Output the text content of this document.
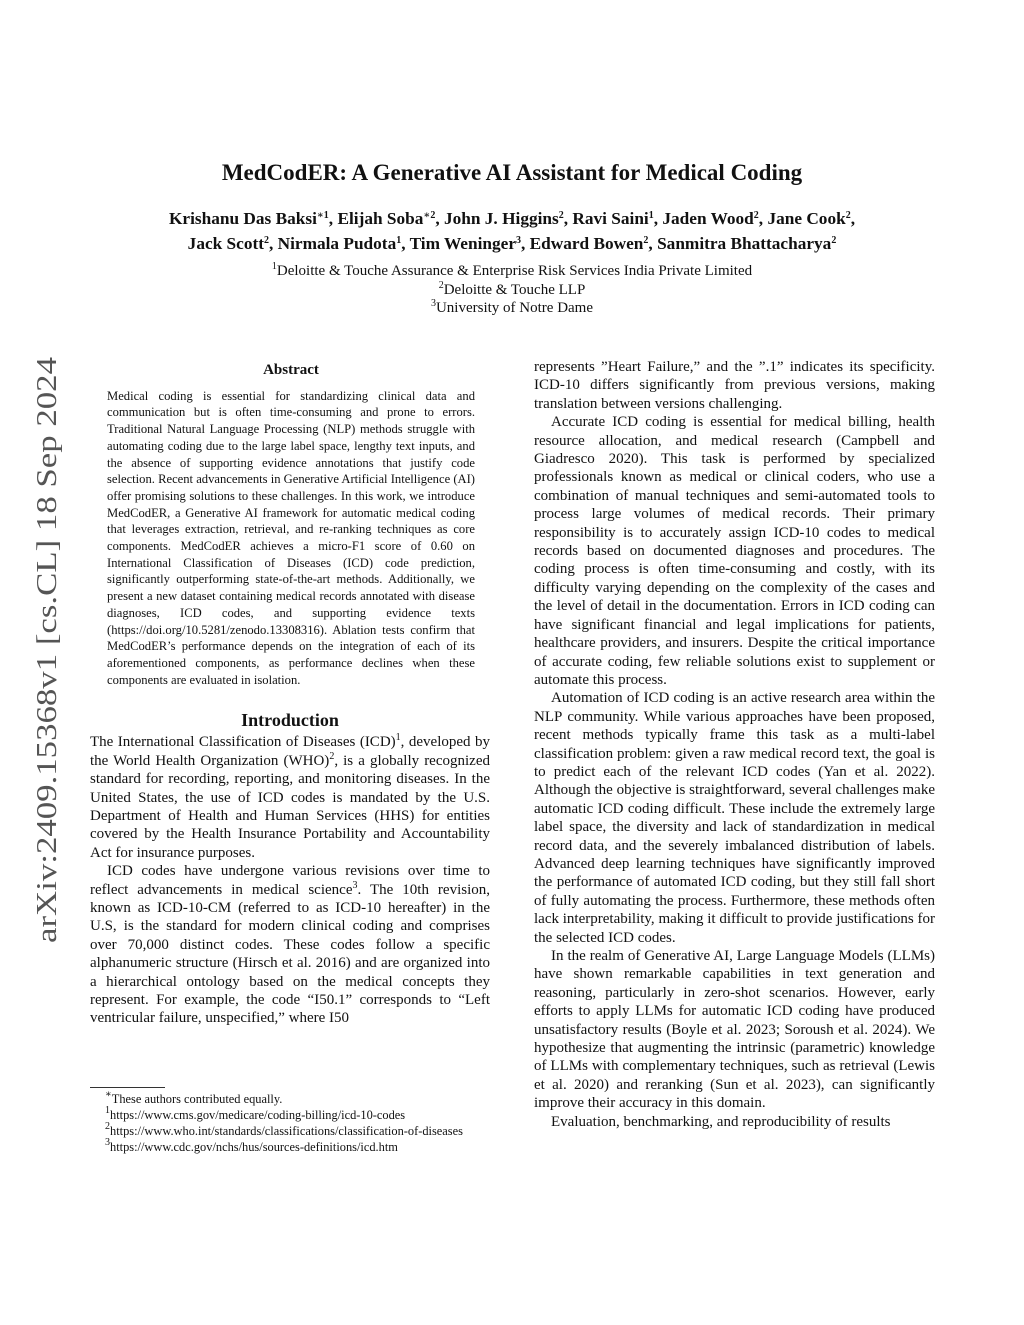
arXiv:2409.15368v1 [cs.CL] 18 Sep 2024
MedCodER: A Generative AI Assistant for Medical Coding
Krishanu Das Baksi$^{∗1}$, Elijah Soba$^{∗2}$, John J. Higgins$^2$, Ravi Saini$^1$, Jaden Wood$^2$, Jane Cook$^2$,
Jack Scott$^2$, Nirmala Pudota$^1$, Tim Weninger$^3$, Edward Bowen$^2$, Sanmitra Bhattacharya$^2$
$^1$Deloitte & Touche Assurance & Enterprise Risk Services India Private Limited
$^2$Deloitte & Touche LLP
$^3$University of Notre Dame
Abstract

Medical coding is essential for standardizing clinical data and communication but is often time-consuming and prone to errors. Traditional Natural Language Processing (NLP) methods struggle with automating coding due to the large label space, lengthy text inputs, and the absence of supporting evidence annotations that justify code selection. Recent advancements in Generative Artificial Intelligence (AI) offer promising solutions to these challenges. In this work, we introduce MedCodER, a Generative AI framework for automatic medical coding that leverages extraction, retrieval, and re-ranking techniques as core components. MedCodER achieves a micro-F1 score of 0.60 on International Classification of Diseases (ICD) code prediction, significantly outperforming state-of-the-art methods. Additionally, we present a new dataset containing medical records annotated with disease diagnoses, ICD codes, and supporting evidence texts (https://doi.org/10.5281/zenodo.13308316). Ablation tests confirm that MedCodER’s performance depends on the integration of each of its aforementioned components, as performance declines when these components are evaluated in isolation.

Introduction

The International Classification of Diseases (ICD)$^1$, developed by the World Health Organization (WHO)$^2$, is a globally recognized standard for recording, reporting, and monitoring diseases. In the United States, the use of ICD codes is mandated by the U.S. Department of Health and Human Services (HHS) for entities covered by the Health Insurance Portability and Accountability Act for insurance purposes.

ICD codes have undergone various revisions over time to reflect advancements in medical science$^3$. The 10th revision, known as ICD-10-CM (referred to as ICD-10 hereafter) in the U.S, is the standard for modern clinical coding and comprises over 70,000 distinct codes. These codes follow a specific alphanumeric structure (Hirsch et al. 2016) and are organized into a hierarchical ontology based on the medical concepts they represent. For example, the code “I50.1” corresponds to “Left ventricular failure, unspecified,” where I50

∗These authors contributed equally.

$^1$https://www.cms.gov/medicare/coding-billing/icd-10-codes

$^2$https://www.who.int/standards/classifications/classification-of-diseases

$^3$https://www.cdc.gov/nchs/hus/sources-definitions/icd.htm

represents ”Heart Failure,” and the ”.1” indicates its specificity. ICD-10 differs significantly from previous versions, making translation between versions challenging.

Accurate ICD coding is essential for medical billing, health resource allocation, and medical research (Campbell and Giadresco 2020). This task is performed by specialized professionals known as medical or clinical coders, who use a combination of manual techniques and semi-automated tools to process large volumes of medical records. Their primary responsibility is to accurately assign ICD-10 codes to medical records based on documented diagnoses and procedures. The coding process is often time-consuming and costly, with its difficulty varying depending on the complexity of the cases and the level of detail in the documentation. Errors in ICD coding can have significant financial and legal implications for patients, healthcare providers, and insurers. Despite the critical importance of accurate coding, few reliable solutions exist to supplement or automate this process.

Automation of ICD coding is an active research area within the NLP community. While various approaches have been proposed, recent methods typically frame this task as a multi-label classification problem: given a raw medical record text, the goal is to predict each of the relevant ICD codes (Yan et al. 2022). Although the objective is straightforward, several challenges make automatic ICD coding difficult. These include the extremely large label space, the diversity and lack of standardization in medical record data, and the severely imbalanced distribution of labels. Advanced deep learning techniques have significantly improved the performance of automated ICD coding, but they still fall short of fully automating the process. Furthermore, these methods often lack interpretability, making it difficult to provide justifications for the selected ICD codes.

In the realm of Generative AI, Large Language Models (LLMs) have shown remarkable capabilities in text generation and reasoning, particularly in zero-shot scenarios. However, early efforts to apply LLMs for automatic ICD coding have produced unsatisfactory results (Boyle et al. 2023; Soroush et al. 2024). We hypothesize that augmenting the intrinsic (parametric) knowledge of LLMs with complementary techniques, such as retrieval (Lewis et al. 2020) and reranking (Sun et al. 2023), can significantly improve their accuracy in this domain.

Evaluation, benchmarking, and reproducibility of results
